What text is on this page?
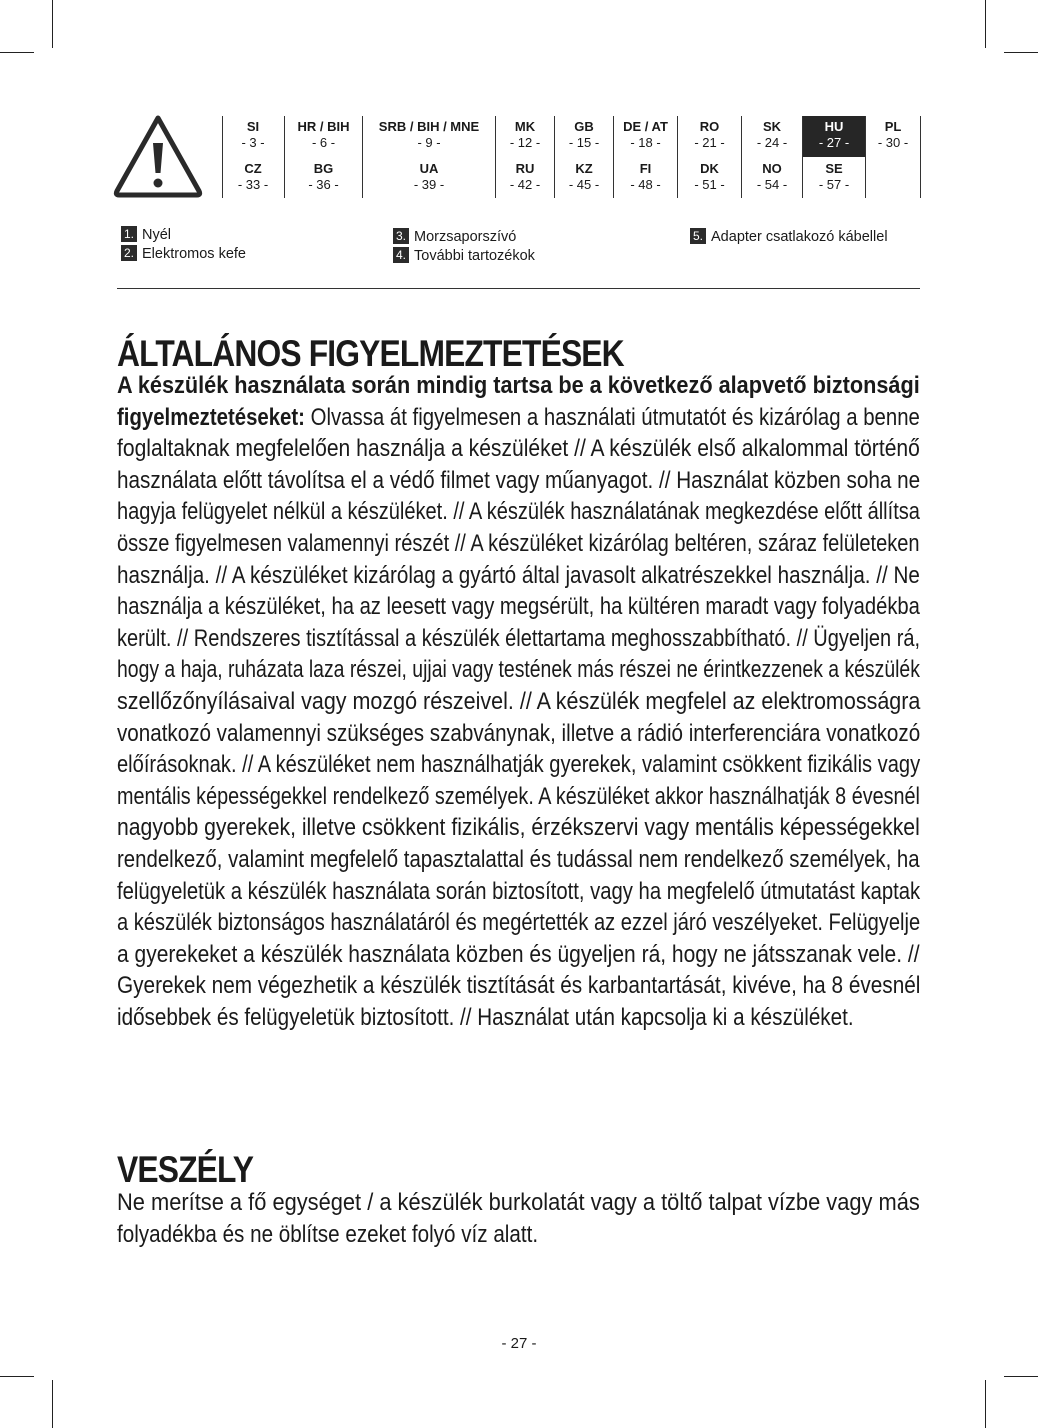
SI
- 3 -
HR / BIH
- 6 -
SRB / BIH / MNE
- 9 -
MK
- 12 -
GB
- 15 -
DE / AT
- 18 -
RO
- 21 -
SK
- 24 -
HU
- 27 -
PL
- 30 -
CZ
- 33 -
BG
- 36 -
UA
- 39 -
RU
- 42 -
KZ
- 45 -
FI
- 48 -
DK
- 51 -
NO
- 54 -
SE
- 57 -
1. Nyél
2. Elektromos kefe
3. Morzsaporszívó
4. További tartozékok
5. Adapter csatlakozó kábellel
ÁLTALÁNOS FIGYELMEZTETÉSEK
A készülék használata során mindig tartsa be a következő alapvető biztonsági
figyelmeztetéseket: Olvassa át figyelmesen a használati útmutatót és kizárólag a benne
foglaltaknak megfelelően használja a készüléket // A készülék első alkalommal történő
használata előtt távolítsa el a védő filmet vagy műanyagot. // Használat közben soha ne
hagyja felügyelet nélkül a készüléket. // A készülék használatának megkezdése előtt állítsa
össze figyelmesen valamennyi részét // A készüléket kizárólag beltéren, száraz felületeken
használja. // A készüléket kizárólag a gyártó által javasolt alkatrészekkel használja. // Ne
használja a készüléket, ha az leesett vagy megsérült, ha kültéren maradt vagy folyadékba
került. // Rendszeres tisztítással a készülék élettartama meghosszabbítható. // Ügyeljen rá,
hogy a haja, ruházata laza részei, ujjai vagy testének más részei ne érintkezzenek a készülék
szellőzőnyílásaival vagy mozgó részeivel. // A készülék megfelel az elektromosságra
vonatkozó valamennyi szükséges szabványnak, illetve a rádió interferenciára vonatkozó
előírásoknak. // A készüléket nem használhatják gyerekek, valamint csökkent fizikális vagy
mentális képességekkel rendelkező személyek. A készüléket akkor használhatják 8 évesnél
nagyobb gyerekek, illetve csökkent fizikális, érzékszervi vagy mentális képességekkel
rendelkező, valamint megfelelő tapasztalattal és tudással nem rendelkező személyek, ha
felügyeletük a készülék használata során biztosított, vagy ha megfelelő útmutatást kaptak
a készülék biztonságos használatáról és megértették az ezzel járó veszélyeket. Felügyelje
a gyerekeket a készülék használata közben és ügyeljen rá, hogy ne játsszanak vele. //
Gyerekek nem végezhetik a készülék tisztítását és karbantartását, kivéve, ha 8 évesnél
idősebbek és felügyeletük biztosított. // Használat után kapcsolja ki a készüléket.
VESZÉLY
Ne merítse a fő egységet / a készülék burkolatát vagy a töltő talpat vízbe vagy más
folyadékba és ne öblítse ezeket folyó víz alatt.
- 27 -
